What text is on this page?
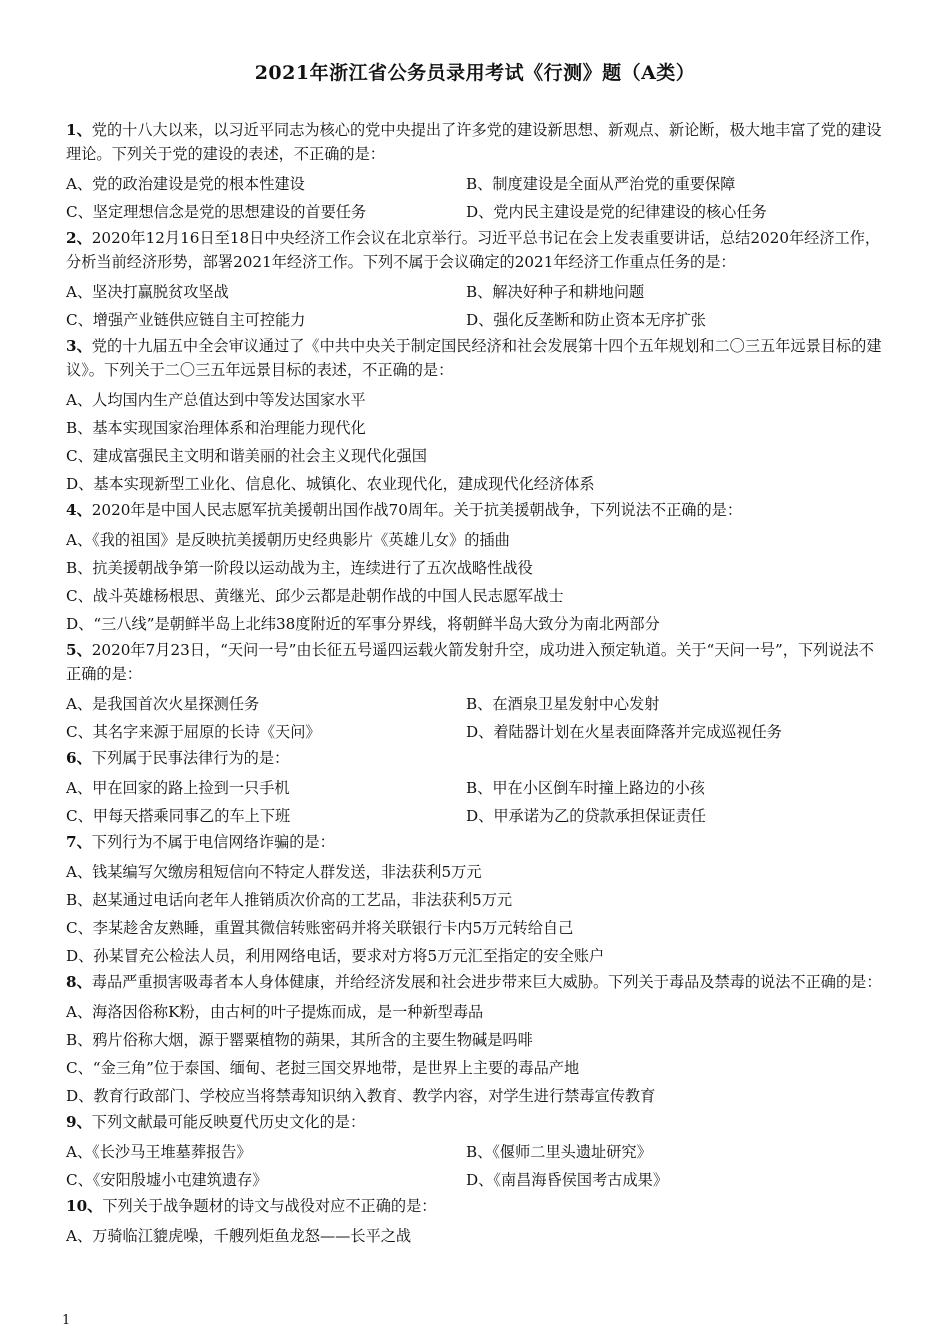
2021年浙江省公务员录用考试《行测》题（A类）

1、党的十八大以来，以习近平同志为核心的党中央提出了许多党的建设新思想、新观点、新论断，极大地丰富了党的建设理论。下列关于党的建设的表述，不正确的是：

A、党的政治建设是党的根本性建设	B、制度建设是全面从严治党的重要保障
C、坚定理想信念是党的思想建设的首要任务	D、党内民主建设是党的纪律建设的核心任务

2、2020年12月16日至18日中央经济工作会议在北京举行。习近平总书记在会上发表重要讲话，总结2020年经济工作，分析当前经济形势，部署2021年经济工作。下列不属于会议确定的2021年经济工作重点任务的是：

A、坚决打赢脱贫攻坚战	B、解决好种子和耕地问题
C、增强产业链供应链自主可控能力	D、强化反垄断和防止资本无序扩张

3、党的十九届五中全会审议通过了《中共中央关于制定国民经济和社会发展第十四个五年规划和二〇三五年远景目标的建议》。下列关于二〇三五年远景目标的表述，不正确的是：

A、人均国内生产总值达到中等发达国家水平
B、基本实现国家治理体系和治理能力现代化
C、建成富强民主文明和谐美丽的社会主义现代化强国
D、基本实现新型工业化、信息化、城镇化、农业现代化，建成现代化经济体系

4、2020年是中国人民志愿军抗美援朝出国作战70周年。关于抗美援朝战争，下列说法不正确的是：

A、《我的祖国》是反映抗美援朝历史经典影片《英雄儿女》的插曲
B、抗美援朝战争第一阶段以运动战为主，连续进行了五次战略性战役
C、战斗英雄杨根思、黄继光、邱少云都是赴朝作战的中国人民志愿军战士
D、“三八线”是朝鲜半岛上北纬38度附近的军事分界线，将朝鲜半岛大致分为南北两部分

5、2020年7月23日，“天问一号”由长征五号遥四运载火箭发射升空，成功进入预定轨道。关于“天问一号”，下列说法不正确的是：

A、是我国首次火星探测任务	B、在酒泉卫星发射中心发射
C、其名字来源于屈原的长诗《天问》	D、着陆器计划在火星表面降落并完成巡视任务

6、下列属于民事法律行为的是：

A、甲在回家的路上捡到一只手机	B、甲在小区倒车时撞上路边的小孩
C、甲每天搭乘同事乙的车上下班	D、甲承诺为乙的贷款承担保证责任

7、下列行为不属于电信网络诈骗的是：

A、钱某编写欠缴房租短信向不特定人群发送，非法获利5万元
B、赵某通过电话向老年人推销质次价高的工艺品，非法获利5万元
C、李某趁舍友熟睡，重置其微信转账密码并将关联银行卡内5万元转给自己
D、孙某冒充公检法人员，利用网络电话，要求对方将5万元汇至指定的安全账户

8、毒品严重损害吸毒者本人身体健康，并给经济发展和社会进步带来巨大威胁。下列关于毒品及禁毒的说法不正确的是：

A、海洛因俗称K粉，由古柯的叶子提炼而成，是一种新型毒品
B、鸦片俗称大烟，源于罂粟植物的蒴果，其所含的主要生物碱是吗啡
C、“金三角”位于泰国、缅甸、老挝三国交界地带，是世界上主要的毒品产地
D、教育行政部门、学校应当将禁毒知识纳入教育、教学内容，对学生进行禁毒宣传教育

9、下列文献最可能反映夏代历史文化的是：

A、《长沙马王堆墓葬报告》	B、《偃师二里头遗址研究》
C、《安阳殷墟小屯建筑遗存》	D、《南昌海昏侯国考古成果》

10、下列关于战争题材的诗文与战役对应不正确的是：

A、万骑临江貔虎噪，千艘列炬鱼龙怒——长平之战
1
